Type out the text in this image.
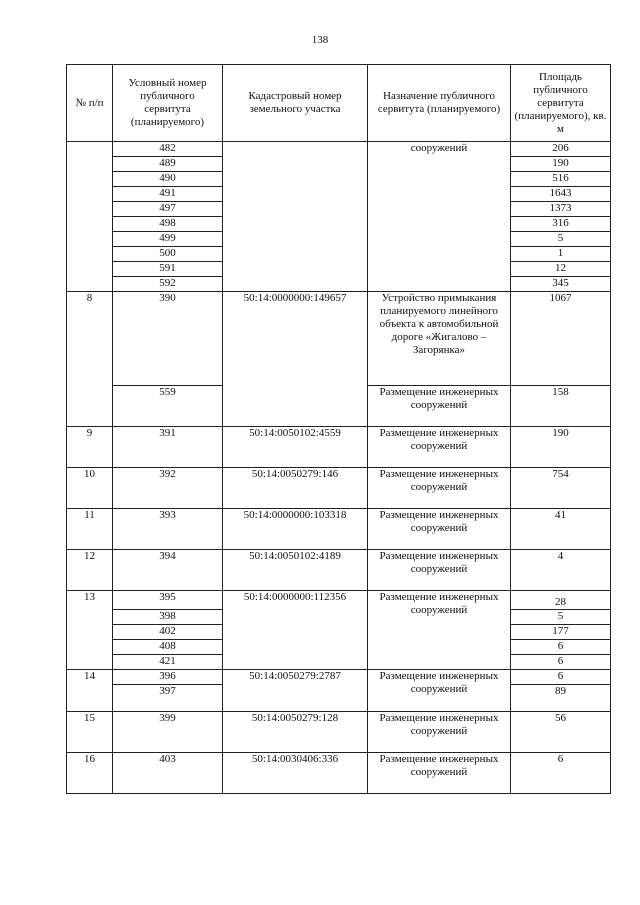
138
№ п/п	Условный номер публичного сервитута (планируемого)	Кадастровый номер земельного участка	Назначение публичного сервитута (планируемого)	Площадь публичного сервитута (планируемого), кв. м
	482		сооружений	206
	489			190
	490			516
	491			1643
	497			1373
	498			316
	499			5
	500			1
	591			12
	592			345
8	390	50:14:0000000:149657	Устройство примыкания планируемого линейного объекта к автомобильной дороге «Жигалово – Загорянка»	1067
	559		Размещение инженерных сооружений	158
9	391	50:14:0050102:4559	Размещение инженерных сооружений	190
10	392	50:14:0050279:146	Размещение инженерных сооружений	754
11	393	50:14:0000000:103318	Размещение инженерных сооружений	41
12	394	50:14:0050102:4189	Размещение инженерных сооружений	4
13	395	50:14:0000000:112356	Размещение инженерных сооружений	28
	398			5
	402			177
	408			6
	421			6
14	396	50:14:0050279:2787	Размещение инженерных сооружений	6
	397			89
15	399	50:14:0050279:128	Размещение инженерных сооружений	56
16	403	50:14:0030406:336	Размещение инженерных сооружений	6
